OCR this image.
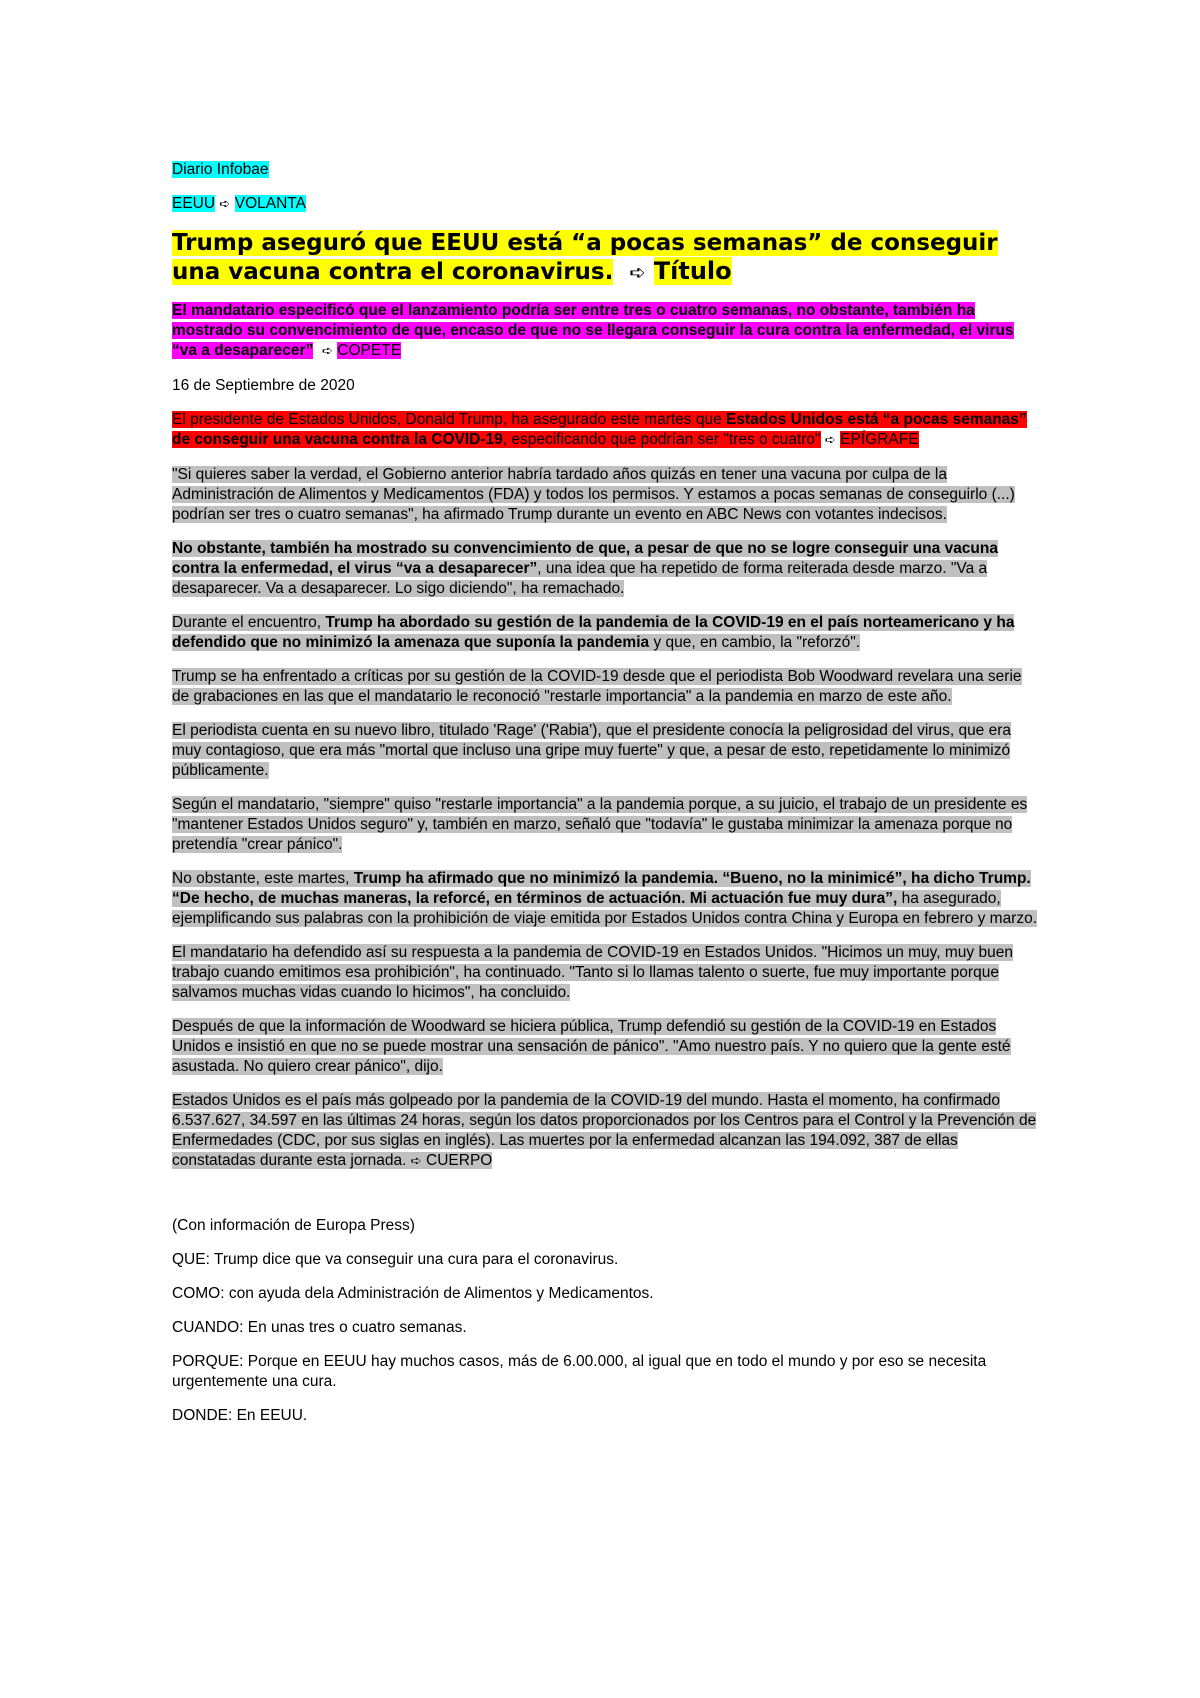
Diario Infobae

EEUU ➪ VOLANTA

Trump aseguró que EEUU está “a pocas semanas” de conseguir una vacuna contra el coronavirus. ➪ Título

El mandatario especificó que el lanzamiento podría ser entre tres o cuatro semanas, no obstante, también ha mostrado su convencimiento de que, encaso de que no se llegara conseguir la cura contra la enfermedad, el virus “va a desaparecer” ➪ COPETE

16 de Septiembre de 2020

El presidente de Estados Unidos, Donald Trump, ha asegurado este martes que Estados Unidos está “a pocas semanas” de conseguir una vacuna contra la COVID-19, especificando que podrían ser "tres o cuatro" ➪ EPÍGRAFE

"Si quieres saber la verdad, el Gobierno anterior habría tardado años quizás en tener una vacuna por culpa de la Administración de Alimentos y Medicamentos (FDA) y todos los permisos. Y estamos a pocas semanas de conseguirlo (...) podrían ser tres o cuatro semanas", ha afirmado Trump durante un evento en ABC News con votantes indecisos.

No obstante, también ha mostrado su convencimiento de que, a pesar de que no se logre conseguir una vacuna contra la enfermedad, el virus “va a desaparecer”, una idea que ha repetido de forma reiterada desde marzo. "Va a desaparecer. Va a desaparecer. Lo sigo diciendo", ha remachado.

Durante el encuentro, Trump ha abordado su gestión de la pandemia de la COVID-19 en el país norteamericano y ha defendido que no minimizó la amenaza que suponía la pandemia y que, en cambio, la "reforzó".

Trump se ha enfrentado a críticas por su gestión de la COVID-19 desde que el periodista Bob Woodward revelara una serie de grabaciones en las que el mandatario le reconoció "restarle importancia" a la pandemia en marzo de este año.

El periodista cuenta en su nuevo libro, titulado 'Rage' ('Rabia'), que el presidente conocía la peligrosidad del virus, que era muy contagioso, que era más "mortal que incluso una gripe muy fuerte" y que, a pesar de esto, repetidamente lo minimizó públicamente.

Según el mandatario, "siempre" quiso "restarle importancia" a la pandemia porque, a su juicio, el trabajo de un presidente es "mantener Estados Unidos seguro" y, también en marzo, señaló que "todavía" le gustaba minimizar la amenaza porque no pretendía "crear pánico".

No obstante, este martes, Trump ha afirmado que no minimizó la pandemia. “Bueno, no la minimicé”, ha dicho Trump. “De hecho, de muchas maneras, la reforcé, en términos de actuación. Mi actuación fue muy dura”, ha asegurado, ejemplificando sus palabras con la prohibición de viaje emitida por Estados Unidos contra China y Europa en febrero y marzo.

El mandatario ha defendido así su respuesta a la pandemia de COVID-19 en Estados Unidos. "Hicimos un muy, muy buen trabajo cuando emitimos esa prohibición", ha continuado. "Tanto si lo llamas talento o suerte, fue muy importante porque salvamos muchas vidas cuando lo hicimos", ha concluido.

Después de que la información de Woodward se hiciera pública, Trump defendió su gestión de la COVID-19 en Estados Unidos e insistió en que no se puede mostrar una sensación de pánico". "Amo nuestro país. Y no quiero que la gente esté asustada. No quiero crear pánico", dijo.

Estados Unidos es el país más golpeado por la pandemia de la COVID-19 del mundo. Hasta el momento, ha confirmado 6.537.627, 34.597 en las últimas 24 horas, según los datos proporcionados por los Centros para el Control y la Prevención de Enfermedades (CDC, por sus siglas en inglés). Las muertes por la enfermedad alcanzan las 194.092, 387 de ellas constatadas durante esta jornada. ➪ CUERPO

(Con información de Europa Press)

QUE: Trump dice que va conseguir una cura para el coronavirus.

COMO: con ayuda dela Administración de Alimentos y Medicamentos.

CUANDO: En unas tres o cuatro semanas.

PORQUE: Porque en EEUU hay muchos casos, más de 6.00.000, al igual que en todo el mundo y por eso se necesita urgentemente una cura.

DONDE: En EEUU.
